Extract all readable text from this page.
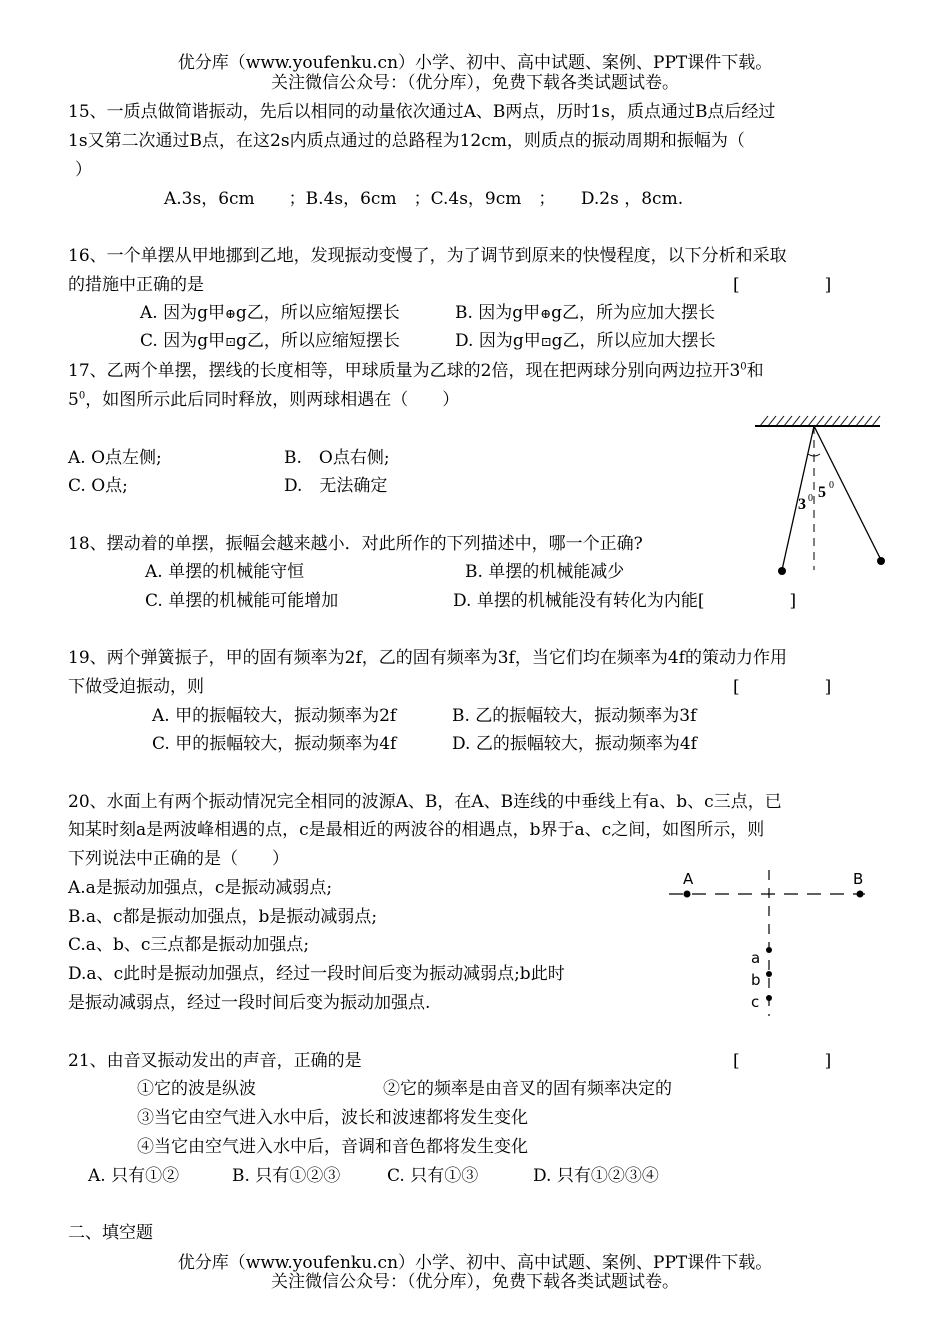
优分库（www.youfenku.cn）小学、初中、高中试题、案例、PPT课件下载。
关注微信公众号：（优分库），免费下载各类试题试卷。
15、一质点做简谐振动，先后以相同的动量依次通过A、B两点，历时1s，质点通过B点后经过
1s又第二次通过B点，在这2s内质点通过的总路程为12cm，则质点的振动周期和振幅为（
）
A.3s，6cm　　；B.4s，6cm　；C.4s，9cm　；　　D.2s ，8cm.
16、一个单摆从甲地挪到乙地，发现振动变慢了，为了调节到原来的快慢程度，以下分析和采取
的措施中正确的是	[　　　　　]
A. 因为g甲⊕g乙，所以应缩短摆长	B. 因为g甲⊕g乙，所为应加大摆长
C. 因为g甲⊡g乙，所以应缩短摆长	D. 因为g甲⊡g乙，所以应加大摆长
17、乙两个单摆，摆线的长度相等，甲球质量为乙球的2倍，现在把两球分别向两边拉开$3^0$和
$5^0$，如图所示此后同时释放，则两球相遇在（　　）
A. O点左侧;	B.　O点右侧;
C. O点;	D.　无法确定
3 0 5 0
18、摆动着的单摆，振幅会越来越小．对此所作的下列描述中，哪一个正确?
A. 单摆的机械能守恒	B. 单摆的机械能减少
C. 单摆的机械能可能增加	D. 单摆的机械能没有转化为内能[　　　　　]
19、两个弹簧振子，甲的固有频率为2f，乙的固有频率为3f，当它们均在频率为4f的策动力作用
下做受迫振动，则	[　　　　　]
A. 甲的振幅较大，振动频率为2f	B. 乙的振幅较大，振动频率为3f
C. 甲的振幅较大，振动频率为4f	D. 乙的振幅较大，振动频率为4f
20、水面上有两个振动情况完全相同的波源A、B，在A、B连线的中垂线上有a、b、c三点，已
知某时刻a是两波峰相遇的点，c是最相近的两波谷的相遇点，b界于a、c之间，如图所示，则
下列说法中正确的是（　　）
A.a是振动加强点，c是振动减弱点;
B.a、c都是振动加强点，b是振动减弱点;
C.a、b、c三点都是振动加强点;
D.a、c此时是振动加强点，经过一段时间后变为振动减弱点;b此时
是振动减弱点，经过一段时间后变为振动加强点.
A	B
a
b
c
21、由音叉振动发出的声音，正确的是	[　　　　　]
①它的波是纵波	②它的频率是由音叉的固有频率决定的
③当它由空气进入水中后，波长和波速都将发生变化
④当它由空气进入水中后，音调和音色都将发生变化
A. 只有①②	B. 只有①②③	C. 只有①③	D. 只有①②③④
二、填空题
优分库（www.youfenku.cn）小学、初中、高中试题、案例、PPT课件下载。
关注微信公众号：（优分库），免费下载各类试题试卷。
